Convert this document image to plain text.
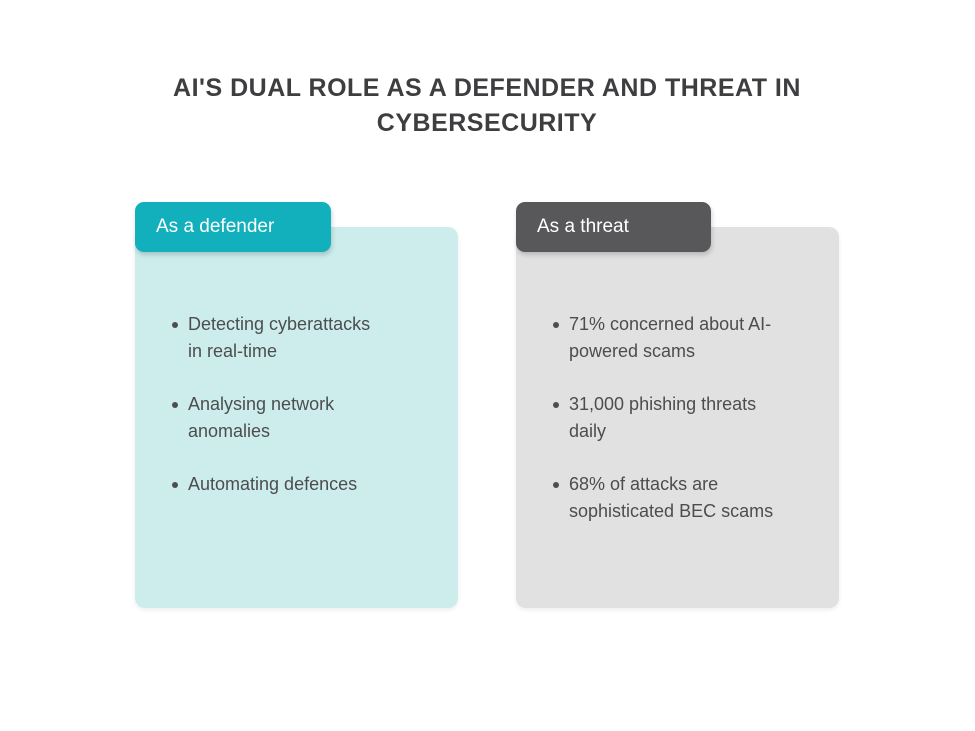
AI'S DUAL ROLE AS A DEFENDER AND THREAT IN CYBERSECURITY
As a defender
Detecting cyberattacks in real-time
Analysing network anomalies
Automating defences
As a threat
71% concerned about AI-powered scams
31,000 phishing threats daily
68% of attacks are sophisticated BEC scams
